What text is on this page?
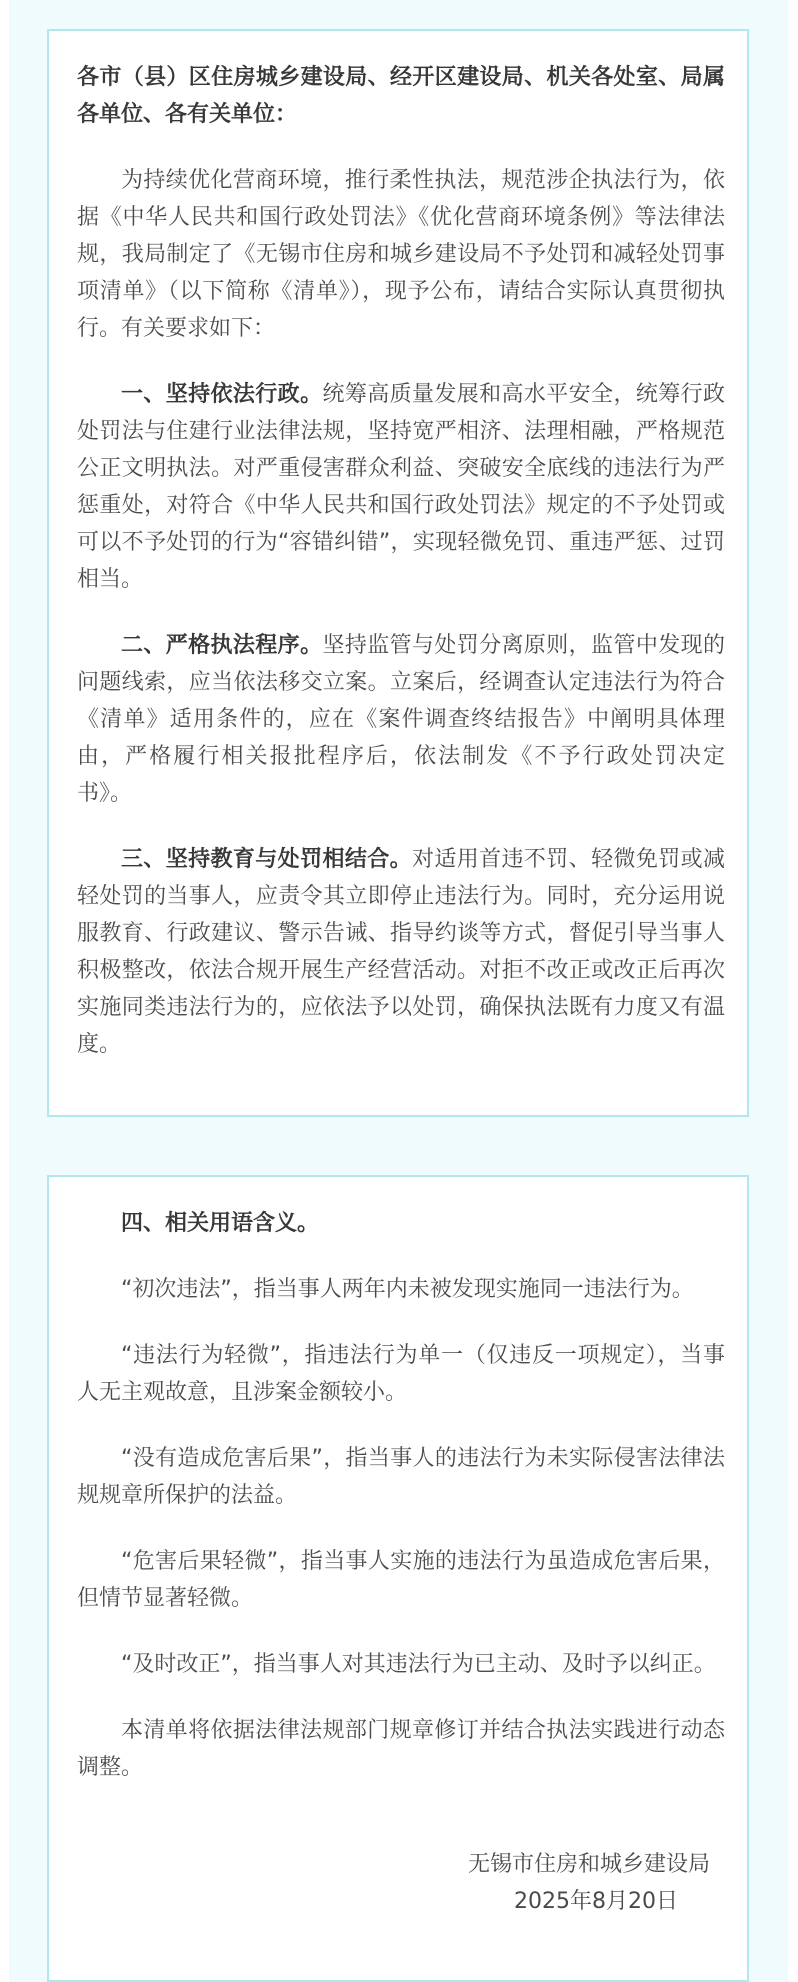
各市（县）区住房城乡建设局、经开区建设局、机关各处室、局属各单位、各有关单位：

为持续优化营商环境，推行柔性执法，规范涉企执法行为，依据《中华人民共和国行政处罚法》《优化营商环境条例》等法律法规，我局制定了《无锡市住房和城乡建设局不予处罚和减轻处罚事项清单》（以下简称《清单》），现予公布，请结合实际认真贯彻执行。有关要求如下：

一、坚持依法行政。统筹高质量发展和高水平安全，统筹行政处罚法与住建行业法律法规，坚持宽严相济、法理相融，严格规范公正文明执法。对严重侵害群众利益、突破安全底线的违法行为严惩重处，对符合《中华人民共和国行政处罚法》规定的不予处罚或可以不予处罚的行为“容错纠错”，实现轻微免罚、重违严惩、过罚相当。

二、严格执法程序。坚持监管与处罚分离原则，监管中发现的问题线索，应当依法移交立案。立案后，经调查认定违法行为符合《清单》适用条件的，应在《案件调查终结报告》中阐明具体理由，严格履行相关报批程序后，依法制发《不予行政处罚决定书》。

三、坚持教育与处罚相结合。对适用首违不罚、轻微免罚或减轻处罚的当事人，应责令其立即停止违法行为。同时，充分运用说服教育、行政建议、警示告诫、指导约谈等方式，督促引导当事人积极整改，依法合规开展生产经营活动。对拒不改正或改正后再次实施同类违法行为的，应依法予以处罚，确保执法既有力度又有温度。

四、相关用语含义。

“初次违法”，指当事人两年内未被发现实施同一违法行为。

“违法行为轻微”，指违法行为单一（仅违反一项规定），当事人无主观故意，且涉案金额较小。

“没有造成危害后果”，指当事人的违法行为未实际侵害法律法规规章所保护的法益。

“危害后果轻微”，指当事人实施的违法行为虽造成危害后果，但情节显著轻微。

“及时改正”，指当事人对其违法行为已主动、及时予以纠正。

本清单将依据法律法规部门规章修订并结合执法实践进行动态调整。

无锡市住房和城乡建设局

2025年8月20日
